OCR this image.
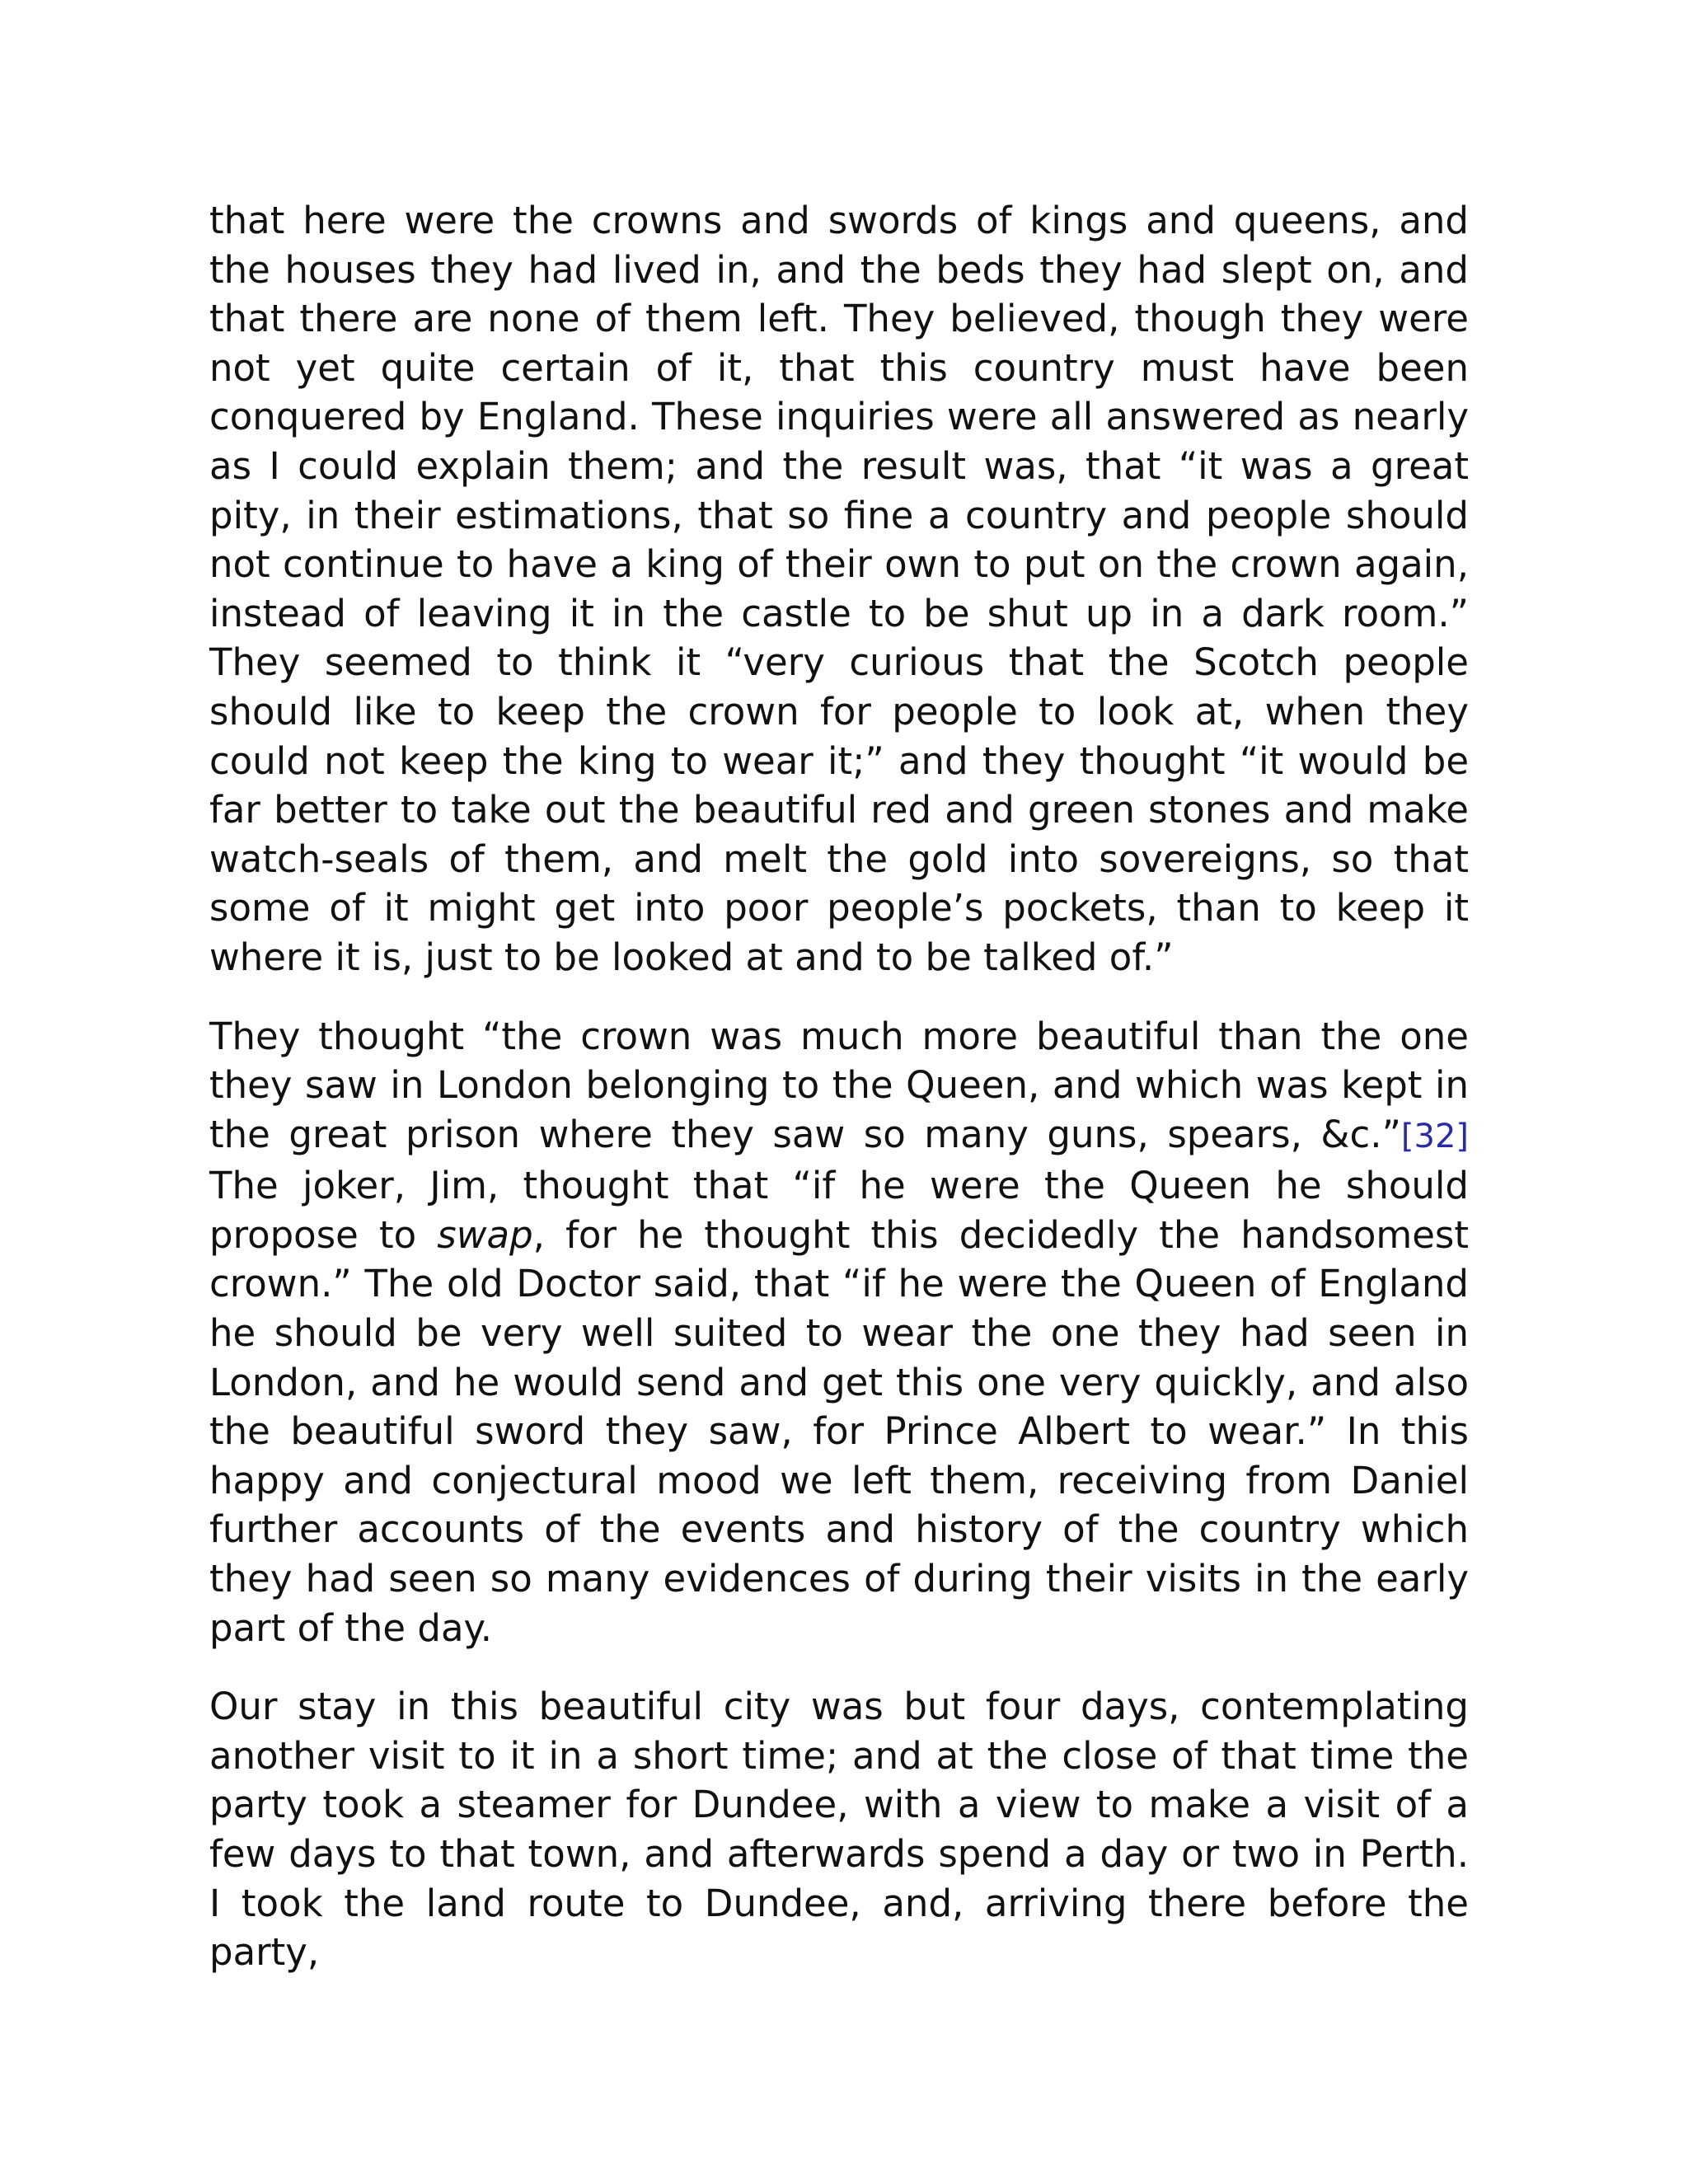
that here were the crowns and swords of kings and queens, and the houses they had lived in, and the beds they had slept on, and that there are none of them left. They believed, though they were not yet quite certain of it, that this country must have been conquered by England. These inquiries were all answered as nearly as I could explain them; and the result was, that “it was a great pity, in their estimations, that so fine a country and people should not continue to have a king of their own to put on the crown again, instead of leaving it in the castle to be shut up in a dark room.” They seemed to think it “very curious that the Scotch people should like to keep the crown for people to look at, when they could not keep the king to wear it;” and they thought “it would be far better to take out the beautiful red and green stones and make watch-seals of them, and melt the gold into sovereigns, so that some of it might get into poor people’s pockets, than to keep it where it is, just to be looked at and to be talked of.”

They thought “the crown was much more beautiful than the one they saw in London belonging to the Queen, and which was kept in the great prison where they saw so many guns, spears, &c.”[32] The joker, Jim, thought that “if he were the Queen he should propose to swap, for he thought this decidedly the handsomest crown.” The old Doctor said, that “if he were the Queen of England he should be very well suited to wear the one they had seen in London, and he would send and get this one very quickly, and also the beautiful sword they saw, for Prince Albert to wear.” In this happy and conjectural mood we left them, receiving from Daniel further accounts of the events and history of the country which they had seen so many evidences of during their visits in the early part of the day.

Our stay in this beautiful city was but four days, contemplating another visit to it in a short time; and at the close of that time the party took a steamer for Dundee, with a view to make a visit of a few days to that town, and afterwards spend a day or two in Perth. I took the land route to Dundee, and, arriving there before the party,
